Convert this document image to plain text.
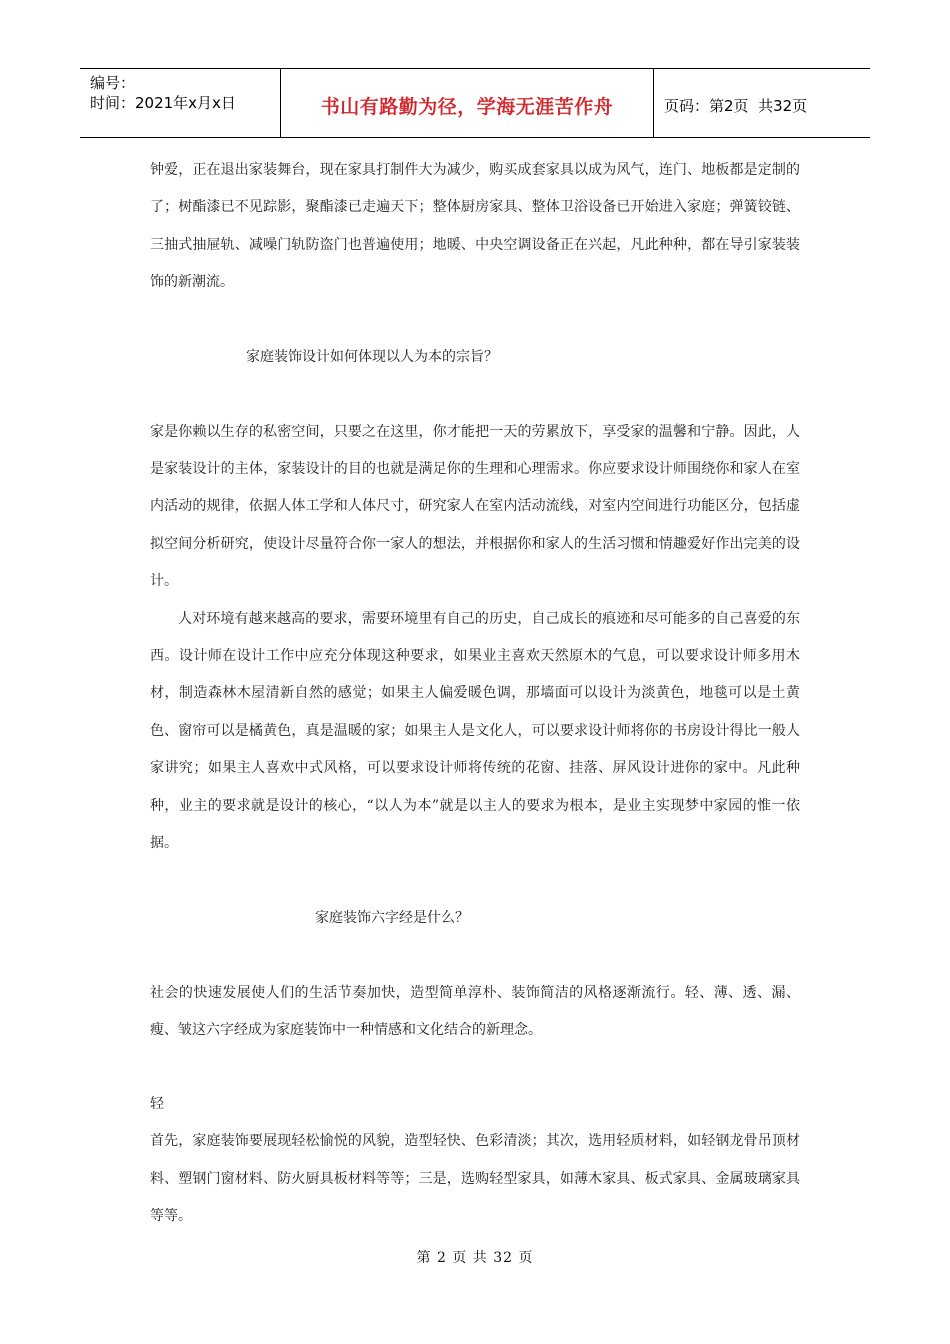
编号：
时间：2021年x月x日	书山有路勤为径，学海无涯苦作舟	页码：第2页  共32页

钟爱，正在退出家装舞台，现在家具打制件大为减少，购买成套家具以成为风气，连门、地板都是定制的了；树酯漆已不见踪影，聚酯漆已走遍天下；整体厨房家具、整体卫浴设备已开始进入家庭；弹簧铰链、三抽式抽屉轨、减噪门轨防盗门也普遍使用；地暖、中央空调设备正在兴起，凡此种种，都在导引家装装饰的新潮流。

家庭装饰设计如何体现以人为本的宗旨？

家是你赖以生存的私密空间，只要之在这里，你才能把一天的劳累放下，享受家的温馨和宁静。因此，人是家装设计的主体，家装设计的目的也就是满足你的生理和心理需求。你应要求设计师围绕你和家人在室内活动的规律，依据人体工学和人体尺寸，研究家人在室内活动流线，对室内空间进行功能区分，包括虚拟空间分析研究，使设计尽量符合你一家人的想法，并根据你和家人的生活习惯和情趣爱好作出完美的设计。

人对环境有越来越高的要求，需要环境里有自己的历史，自己成长的痕迹和尽可能多的自己喜爱的东西。设计师在设计工作中应充分体现这种要求，如果业主喜欢天然原木的气息，可以要求设计师多用木材，制造森林木屋清新自然的感觉；如果主人偏爱暖色调，那墙面可以设计为淡黄色，地毯可以是土黄色、窗帘可以是橘黄色，真是温暖的家；如果主人是文化人，可以要求设计师将你的书房设计得比一般人家讲究；如果主人喜欢中式风格，可以要求设计师将传统的花窗、挂落、屏风设计进你的家中。凡此种种，业主的要求就是设计的核心，“以人为本”就是以主人的要求为根本，是业主实现梦中家园的惟一依据。

家庭装饰六字经是什么？

社会的快速发展使人们的生活节奏加快，造型简单淳朴、装饰简洁的风格逐渐流行。轻、薄、透、漏、瘦、皱这六字经成为家庭装饰中一种情感和文化结合的新理念。

轻

首先，家庭装饰要展现轻松愉悦的风貌，造型轻快、色彩清淡；其次，选用轻质材料，如轻钢龙骨吊顶材料、塑钢门窗材料、防火厨具板材料等等；三是，选购轻型家具，如薄木家具、板式家具、金属玻璃家具等等。

第 2 页 共 32 页
